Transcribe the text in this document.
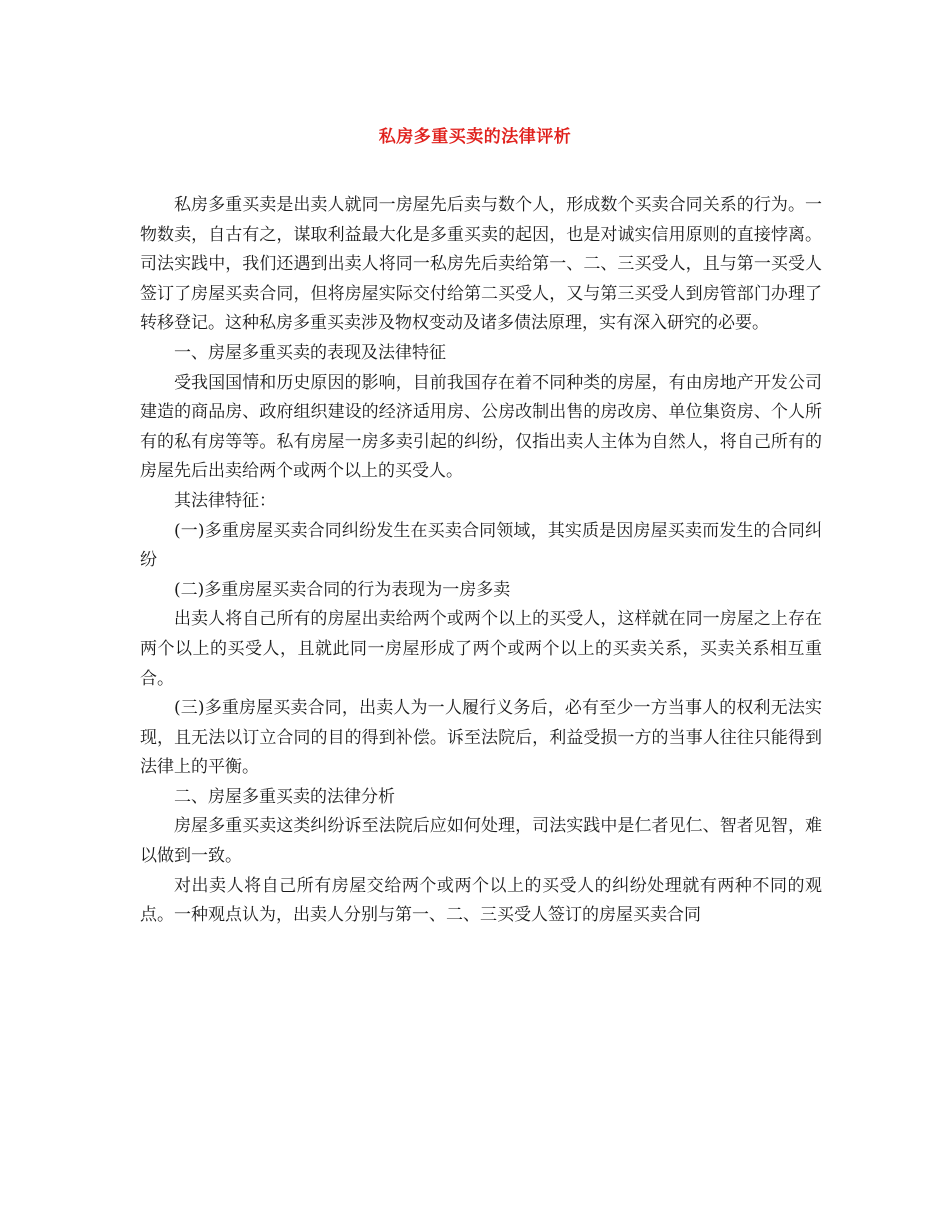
私房多重买卖的法律评析

私房多重买卖是出卖人就同一房屋先后卖与数个人，形成数个买卖合同关系的行为。一物数卖，自古有之，谋取利益最大化是多重买卖的起因，也是对诚实信用原则的直接悖离。司法实践中，我们还遇到出卖人将同一私房先后卖给第一、二、三买受人，且与第一买受人签订了房屋买卖合同，但将房屋实际交付给第二买受人，又与第三买受人到房管部门办理了转移登记。这种私房多重买卖涉及物权变动及诸多债法原理，实有深入研究的必要。

一、房屋多重买卖的表现及法律特征

受我国国情和历史原因的影响，目前我国存在着不同种类的房屋，有由房地产开发公司建造的商品房、政府组织建设的经济适用房、公房改制出售的房改房、单位集资房、个人所有的私有房等等。私有房屋一房多卖引起的纠纷，仅指出卖人主体为自然人，将自己所有的房屋先后出卖给两个或两个以上的买受人。

其法律特征：

(一)多重房屋买卖合同纠纷发生在买卖合同领域，其实质是因房屋买卖而发生的合同纠纷

(二)多重房屋买卖合同的行为表现为一房多卖

出卖人将自己所有的房屋出卖给两个或两个以上的买受人，这样就在同一房屋之上存在两个以上的买受人，且就此同一房屋形成了两个或两个以上的买卖关系，买卖关系相互重合。

(三)多重房屋买卖合同，出卖人为一人履行义务后，必有至少一方当事人的权利无法实现，且无法以订立合同的目的得到补偿。诉至法院后，利益受损一方的当事人往往只能得到法律上的平衡。

二、房屋多重买卖的法律分析

房屋多重买卖这类纠纷诉至法院后应如何处理，司法实践中是仁者见仁、智者见智，难以做到一致。

对出卖人将自己所有房屋交给两个或两个以上的买受人的纠纷处理就有两种不同的观点。一种观点认为，出卖人分别与第一、二、三买受人签订的房屋买卖合同
